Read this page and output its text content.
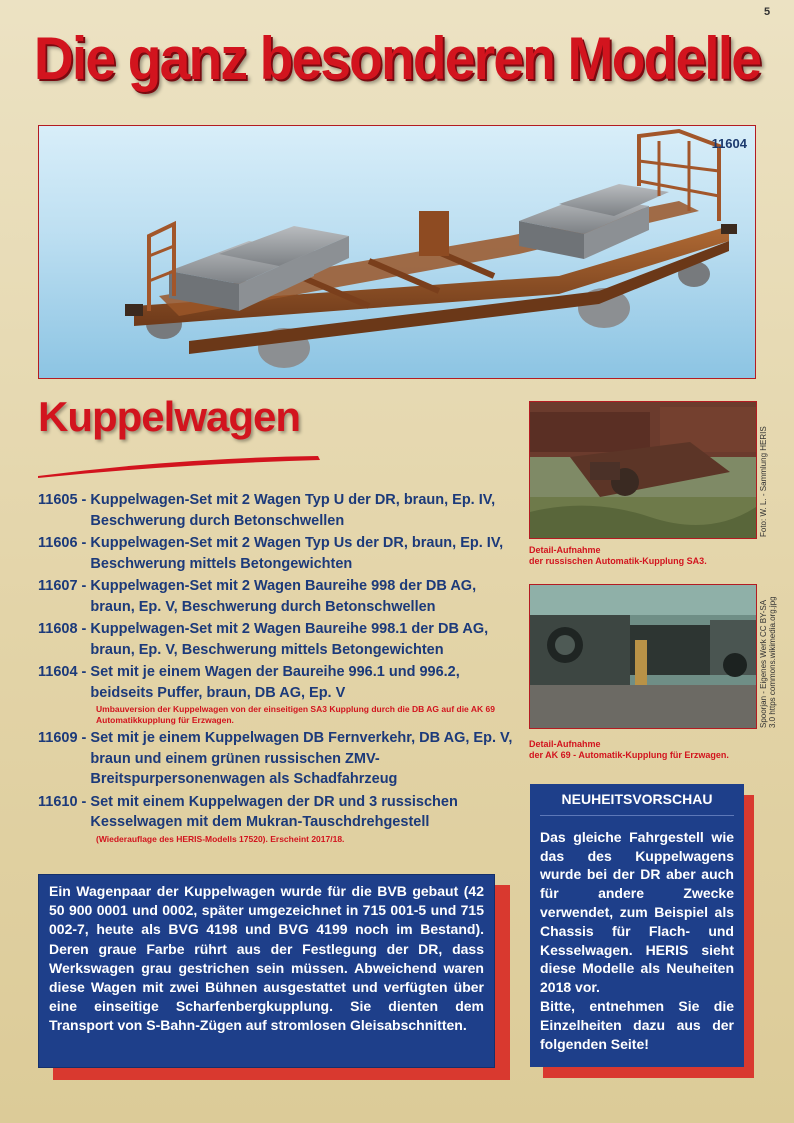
5
Die ganz besonderen Modelle
11604
Kuppelwagen
11605 - Kuppelwagen-Set mit 2 Wagen Typ U der DR, braun, Ep. IV, Beschwerung durch Betonschwellen
11606 - Kuppelwagen-Set mit 2 Wagen Typ Us der DR, braun, Ep. IV, Beschwerung mittels Betongewichten
11607 - Kuppelwagen-Set mit 2 Wagen Baureihe 998 der DB AG, braun, Ep. V, Beschwerung durch Betonschwellen
11608 - Kuppelwagen-Set mit 2 Wagen Baureihe 998.1 der DB AG, braun, Ep. V, Beschwerung mittels Betongewichten
11604 - Set mit je einem Wagen der Baureihe 996.1 und 996.2, beidseits Puffer, braun, DB AG, Ep. V
Umbauversion der Kuppelwagen von der einseitigen SA3 Kupplung durch die DB AG auf die AK 69 Automatikkupplung für Erzwagen.
11609 - Set mit je einem Kuppelwagen DB Fernverkehr, DB AG, Ep. V, braun und einem grünen russischen ZMV-Breitspurpersonenwagen als Schadfahrzeug
11610 - Set mit einem Kuppelwagen der DR und 3 russischen Kesselwagen mit dem Mukran-Tauschdrehgestell
(Wiederauflage des HERIS-Modells 17520). Erscheint 2017/18.
Detail-Aufnahme
der russischen Automatik-Kupplung SA3.
Foto: W. L. - Sammlung HERIS
Detail-Aufnahme
der AK 69 - Automatik-Kupplung für Erzwagen.
Spoorjan - Eigenes Werk CC BY-SA 3.0 https commons.wikimedia.org.jpg
Ein Wagenpaar der Kuppelwagen wurde für die BVB gebaut (42 50 900 0001 und 0002, später umgezeichnet in 715 001-5 und 715 002-7, heute als BVG 4198 und BVG 4199 noch im Bestand). Deren graue Farbe rührt aus der Festlegung der DR, dass Werkswagen grau gestrichen sein müssen. Abweichend waren diese Wagen mit zwei Bühnen ausgestattet und verfügten über eine einseitige Scharfenbergkupplung. Sie dienten dem Transport von S-Bahn-Zügen auf stromlosen Gleisabschnitten.
NEUHEITSVORSCHAU
Das gleiche Fahrgestell wie das des Kuppelwagens wurde bei der DR aber auch für andere Zwecke verwendet, zum Beispiel als Chassis für Flach- und Kesselwagen. HERIS sieht diese Modelle als Neuheiten 2018 vor.
Bitte, entnehmen Sie die Einzelheiten dazu aus der folgenden Seite!
